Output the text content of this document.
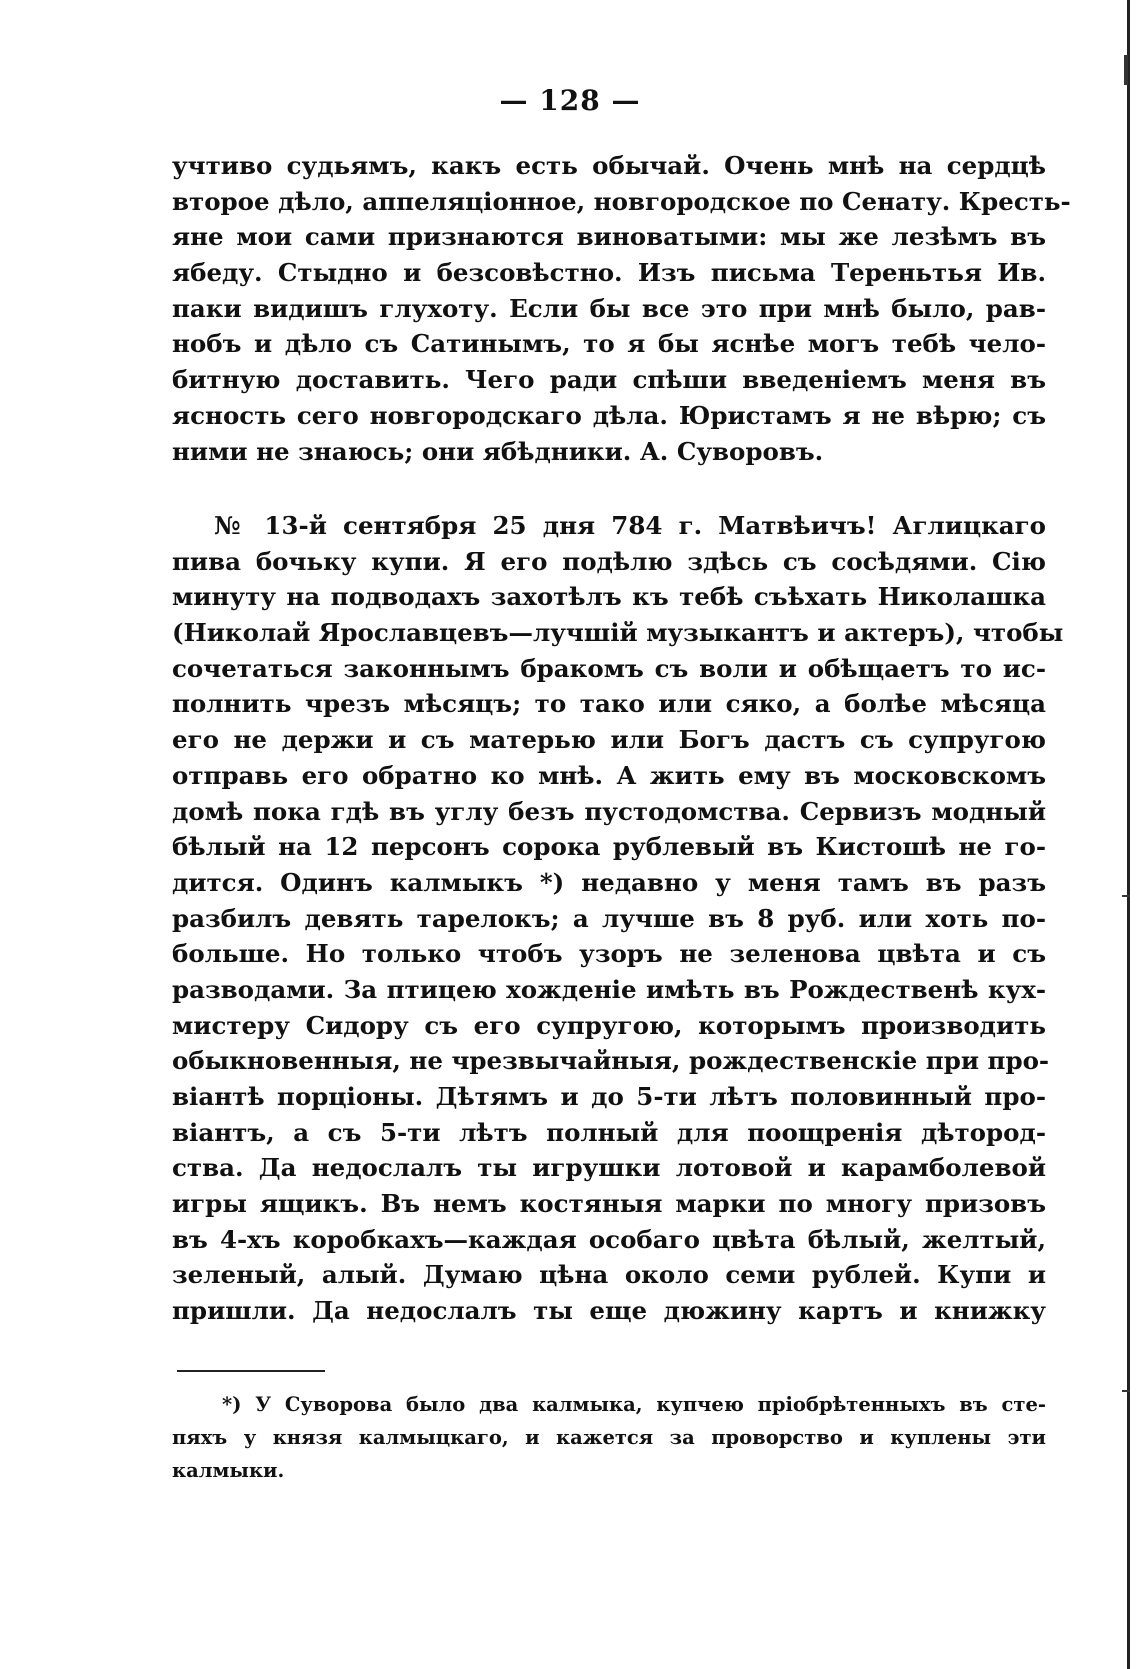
— 128 —
учтиво судьямъ, какъ есть обычай. Очень мнѣ на сердцѣ
второе дѣло, аппеляціонное, новгородское по Сенату. Кресть-
яне мои сами признаются виноватыми: мы же лезѣмъ въ
ябеду. Стыдно и безсовѣстно. Изъ письма Тереньтья Ив.
паки видишъ глухоту. Если бы все это при мнѣ было, рав-
нобъ и дѣло съ Сатинымъ, то я бы яснѣе могъ тебѣ чело-
битную доставить. Чего ради спѣши введеніемъ меня въ
ясность сего новгородскаго дѣла. Юристамъ я не вѣрю; съ
ними не знаюсь; они ябѣдники. А. Суворовъ.
№ 13-й сентября 25 дня 784 г. Матвѣичъ! Аглицкаго
пива бочьку купи. Я его подѣлю здѣсь съ сосѣдями. Сію
минуту на подводахъ захотѣлъ къ тебѣ съѣхать Николашка
(Николай Ярославцевъ—лучшій музыкантъ и актеръ), чтобы
сочетаться законнымъ бракомъ съ воли и обѣщаетъ то ис-
полнить чрезъ мѣсяцъ; то тако или сяко, а болѣе мѣсяца
его не держи и съ матерью или Богъ дастъ съ супругою
отправь его обратно ко мнѣ. А жить ему въ московскомъ
домѣ пока гдѣ въ углу безъ пустодомства. Сервизъ модный
бѣлый на 12 персонъ сорока рублевый въ Кистошѣ не го-
дится. Одинъ калмыкъ *) недавно у меня тамъ въ разъ
разбилъ девять тарелокъ; а лучше въ 8 руб. или хоть по-
больше. Но только чтобъ узоръ не зеленова цвѣта и съ
разводами. За птицею хожденіе имѣть въ Рождественѣ кух-
мистеру Сидору съ его супругою, которымъ производить
обыкновенныя, не чрезвычайныя, рождественскіе при про-
віантѣ порціоны. Дѣтямъ и до 5-ти лѣтъ половинный про-
віантъ, а съ 5-ти лѣтъ полный для поощренія дѣтород-
ства. Да недослалъ ты игрушки лотовой и карамболевой
игры ящикъ. Въ немъ костяныя марки по многу призовъ
въ 4-хъ коробкахъ—каждая особаго цвѣта бѣлый, желтый,
зеленый, алый. Думаю цѣна около семи рублей. Купи и
пришли. Да недослалъ ты еще дюжину картъ и книжку
*) У Суворова было два калмыка, купчею пріобрѣтенныхъ въ сте-
пяхъ у князя калмыцкаго, и кажется за проворство и куплены эти
калмыки.
